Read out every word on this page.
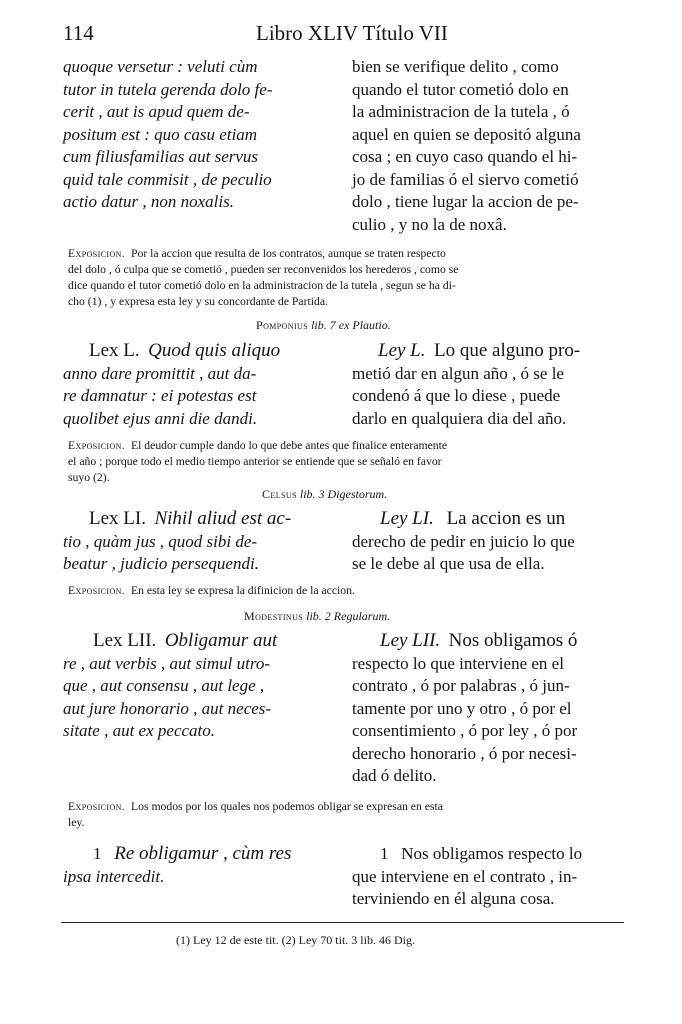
114	Libro XLIV Título VII

quoque versetur : veluti cùm

tutor in tutela gerenda dolo fe-

cerit , aut is apud quem de-

positum est : quo casu etiam

cum filiusfamilias aut servus

quid tale commisit , de peculio

actio datur , non noxalis.

bien se verifique delito , como

quando el tutor cometió dolo en

la administracion de la tutela , ó

aquel en quien se depositó alguna

cosa ; en cuyo caso quando el hi-

jo de familias ó el siervo cometió

dolo , tiene lugar la accion de pe-

culio , y no la de noxâ.

Exposicion. Por la accion que resulta de los contratos, aunque se traten respecto

del dolo , ó culpa que se cometió , pueden ser reconvenidos los herederos , como se

dice quando el tutor cometió dolo en la administracion de la tutela , segun se ha di-

cho (1) , y expresa esta ley y su concordante de Partida.

Pomponius lib. 7 ex Plautio.

Lex L. Quod quis aliquo

anno dare promittit , aut da-

re damnatur : ei potestas est

quolibet ejus anni die dandi.

Ley L. Lo que alguno pro-

metió dar en algun año , ó se le

condenó á que lo diese , puede

darlo en qualquiera dia del año.

Exposicion. El deudor cumple dando lo que debe antes que finalice enteramente

el año ; porque todo el medio tiempo anterior se entiende que se señaló en favor

suyo (2).

Celsus lib. 3 Digestorum.

Lex LI. Nihil aliud est ac-

tio , quàm jus , quod sibi de-

beatur , judicio persequendi.

Ley LI. La accion es un

derecho de pedir en juicio lo que

se le debe al que usa de ella.

Exposicion. En esta ley se expresa la difinicion de la accion.

Modestinus lib. 2 Regularum.

Lex LII. Obligamur aut

re , aut verbis , aut simul utro-

que , aut consensu , aut lege ,

aut jure honorario , aut neces-

sitate , aut ex peccato.

Ley LII. Nos obligamos ó

respecto lo que interviene en el

contrato , ó por palabras , ó jun-

tamente por uno y otro , ó por el

consentimiento , ó por ley , ó por

derecho honorario , ó por necesi-

dad ó delito.

Exposicion. Los modos por los quales nos podemos obligar se expresan en esta

ley.

1 Re obligamur , cùm res

ipsa intercedit.

1 Nos obligamos respecto lo

que interviene en el contrato , in-

terviniendo en él alguna cosa.

(1) Ley 12 de este tit. (2) Ley 70 tit. 3 lib. 46 Dig.
